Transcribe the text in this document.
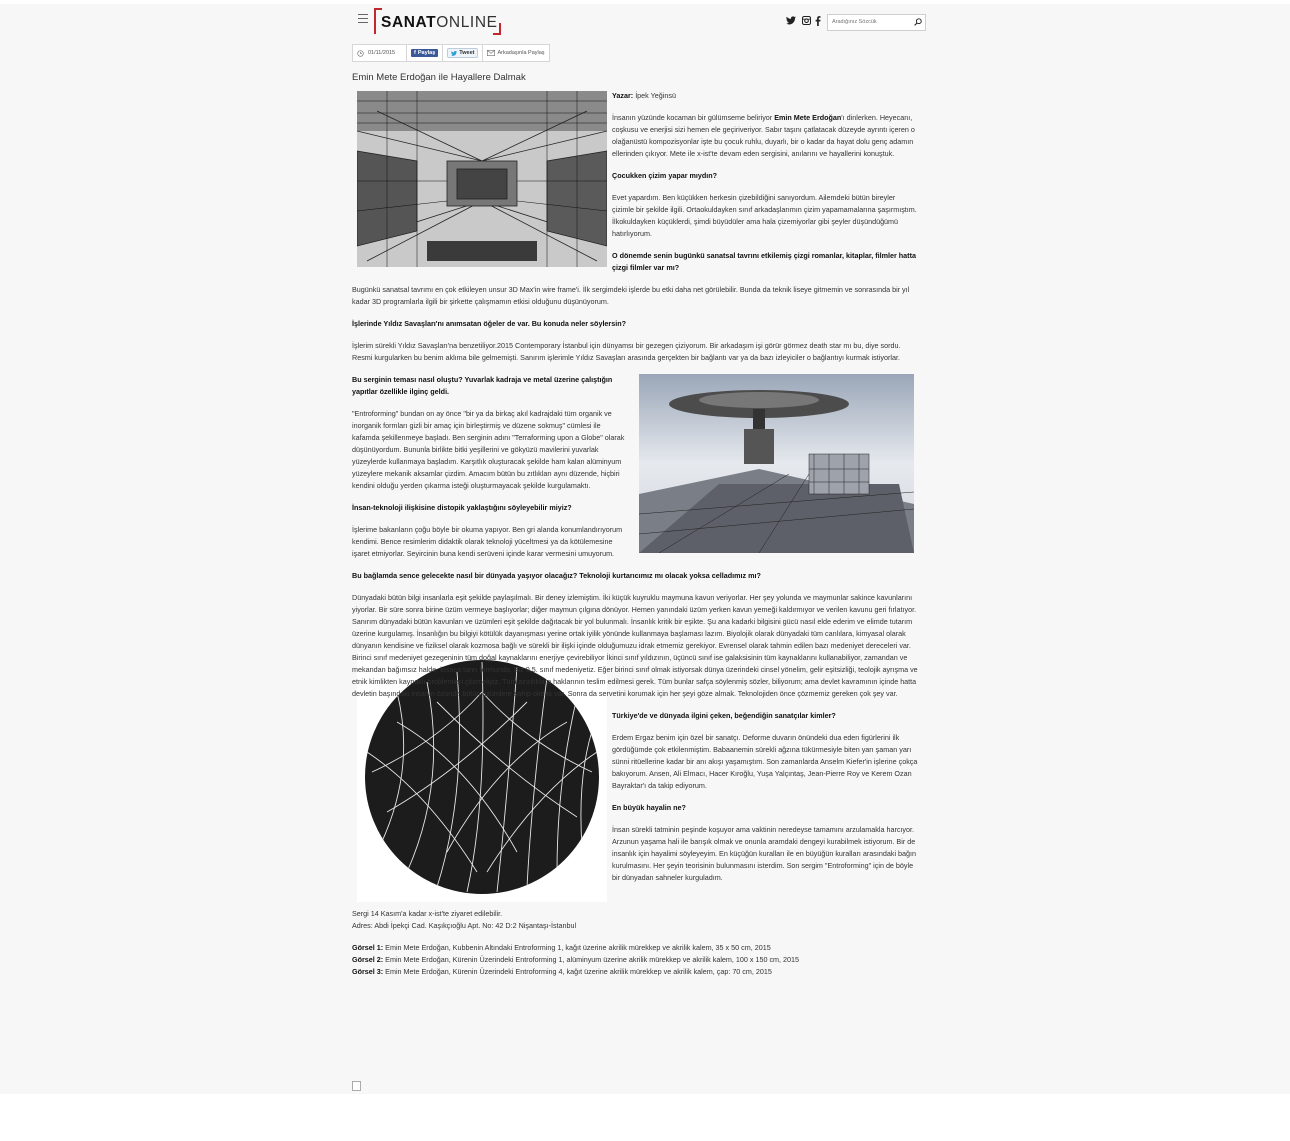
SANATONLINE
Aradığınız Sözcük
01/11/2015	f Paylaş	Tweet	Arkadaşınla Paylaş
Emin Mete Erdoğan ile Hayallere Dalmak

Yazar: İpek Yeğinsü

İnsanın yüzünde kocaman bir gülümseme beliriyor Emin Mete Erdoğan'ı dinlerken. Heyecanı, coşkusu ve enerjisi sizi hemen ele geçiriveriyor. Sabır taşını çatlatacak düzeyde ayrıntı içeren o olağanüstü kompozisyonlar işte bu çocuk ruhlu, duyarlı, bir o kadar da hayat dolu genç adamın ellerinden çıkıyor. Mete ile x-ist'te devam eden sergisini, anılarını ve hayallerini konuştuk.

Çocukken çizim yapar mıydın?

Evet yapardım. Ben küçükken herkesin çizebildiğini sanıyordum. Ailemdeki bütün bireyler çizimle bir şekilde ilgili. Ortaokuldayken sınıf arkadaşlarımın çizim yapamamalarına şaşırmıştım. İlkokuldayken küçüklerdi, şimdi büyüdüler ama hala çizemiyorlar gibi şeyler düşündüğümü hatırlıyorum.

O dönemde senin bugünkü sanatsal tavrını etkilemiş çizgi romanlar, kitaplar, filmler hatta çizgi filmler var mı?

Bugünkü sanatsal tavrımı en çok etkileyen unsur 3D Max'in wire frame'i. İlk sergimdeki işlerde bu etki daha net görülebilir. Bunda da teknik liseye gitmemin ve sonrasında bir yıl kadar 3D programlarla ilgili bir şirkette çalışmamın etkisi olduğunu düşünüyorum.

İşlerinde Yıldız Savaşları'nı anımsatan öğeler de var. Bu konuda neler söylersin?

İşlerim sürekli Yıldız Savaşları'na benzetiliyor.2015 Contemporary İstanbul için dünyamsı bir gezegen çiziyorum. Bir arkadaşım işi görür görmez death star mı bu, diye sordu. Resmi kurgularken bu benim aklıma bile gelmemişti. Sanırım işlerimle Yıldız Savaşları arasında gerçekten bir bağlantı var ya da bazı izleyiciler o bağlantıyı kurmak istiyorlar.

Bu serginin teması nasıl oluştu? Yuvarlak kadraja ve metal üzerine çalıştığın yapıtlar özellikle ilginç geldi.

"Entroforming" bundan on ay önce "bir ya da birkaç akıl kadrajdaki tüm organik ve inorganik formları gizli bir amaç için birleştirmiş ve düzene sokmuş" cümlesi ile kafamda şekillenmeye başladı. Ben serginin adını "Terraforming upon a Globe" olarak düşünüyordum. Bununla birlikte bitki yeşillerini ve gökyüzü mavilerini yuvarlak yüzeylerde kullanmaya başladım. Karşıtlık oluşturacak şekilde ham kalan alüminyum yüzeylere mekanik aksamlar çizdim. Amacım bütün bu zıtlıkları aynı düzende, hiçbiri kendini olduğu yerden çıkarma isteği oluşturmayacak şekilde kurgulamaktı.

İnsan-teknoloji ilişkisine distopik yaklaştığını söyleyebilir miyiz?

İşlerime bakanların çoğu böyle bir okuma yapıyor. Ben gri alanda konumlandırıyorum kendimi. Bence resimlerim didaktik olarak teknoloji yüceltmesi ya da kötülemesine işaret etmiyorlar. Seyircinin buna kendi serüveni içinde karar vermesini umuyorum.

Bu bağlamda sence gelecekte nasıl bir dünyada yaşıyor olacağız? Teknoloji kurtarıcımız mı olacak yoksa celladımız mı?

Dünyadaki bütün bilgi insanlarla eşit şekilde paylaşılmalı. Bir deney izlemiştim. İki küçük kuyruklu maymuna kavun veriyorlar. Her şey yolunda ve maymunlar sakince kavunlarını yiyorlar. Bir süre sonra birine üzüm vermeye başlıyorlar; diğer maymun çılgına dönüyor. Hemen yanındaki üzüm yerken kavun yemeği kaldırmıyor ve verilen kavunu geri fırlatıyor. Sanırım dünyadaki bütün kavunları ve üzümleri eşit şekilde dağıtacak bir yol bulunmalı. İnsanlık kritik bir eşikte. Şu ana kadarki bilgisini gücü nasıl elde ederim ve elimde tutarım üzerine kurgulamış. İnsanlığın bu bilgiyi kötülük dayanışması yerine ortak iyilik yönünde kullanmaya başlaması lazım. Biyolojik olarak dünyadaki tüm canlılara, kimyasal olarak dünyanın kendisine ve fiziksel olarak kozmosa bağlı ve sürekli bir ilişki içinde olduğumuzu idrak etmemiz gerekiyor. Evrensel olarak tahmin edilen bazı medeniyet dereceleri var. Birinci sınıf medeniyet gezegeninin tüm doğal kaynaklarını enerjiye çevirebiliyor İkinci sınıf yıldızının, üçüncü sınıf ise galaksisinin tüm kaynaklarını kullanabiliyor, zamandan ve mekandan bağımsız halde, kısaca tanrı formunda. Biz 0,5. sınıf medeniyetiz. Eğer birinci sınıf olmak istiyorsak dünya üzerindeki cinsel yönelim, gelir eşitsizliği, teolojik ayrışma ve etnik kimlikten kaynaklı problemleri çözmeliyiz. Tüm azınlıklara haklarının teslim edilmesi gerek. Tüm bunlar safça söylenmiş sözler, biliyorum; ama devlet kavramının içinde hatta devletin başındaki insanın özünde bütün üzümlere sahip olmak var. Sonra da servetini korumak için her şeyi göze almak. Teknolojiden önce çözmemiz gereken çok şey var.

Türkiye'de ve dünyada ilgini çeken, beğendiğin sanatçılar kimler?

Erdem Ergaz benim için özel bir sanatçı. Deforme duvarın önündeki dua eden figürlerini ilk gördüğümde çok etkilenmiştim. Babaanemin sürekli ağzına tükürmesiyle biten yarı şaman yarı sünni ritüellerine kadar bir anı akışı yaşamıştım. Son zamanlarda Anselm Kiefer'in işlerine çokça bakıyorum. Ansen, Ali Elmacı, Hacer Kıroğlu, Yuşa Yalçıntaş, Jean-Pierre Roy ve Kerem Ozan Bayraktar'ı da takip ediyorum.

En büyük hayalin ne?

İnsan sürekli tatminin peşinde koşuyor ama vaktinin neredeyse tamamını arzulamakla harcıyor. Arzunun yaşama hali ile barışık olmak ve onunla aramdaki dengeyi kurabilmek istiyorum. Bir de insanlık için hayalimi söyleyeyim. En küçüğün kuralları ile en büyüğün kuralları arasındaki bağın kurulmasını. Her şeyin teorisinin bulunmasını isterdim. Son sergim "Entroforming" için de böyle bir dünyadan sahneler kurguladım.

Sergi 14 Kasım'a kadar x-ist'te ziyaret edilebilir.
Adres: Abdi İpekçi Cad. Kaşıkçıoğlu Apt. No: 42 D:2 Nişantaşı-İstanbul

Görsel 1: Emin Mete Erdoğan, Kubbenin Altındaki Entroforming 1, kağıt üzerine akrilik mürekkep ve akrilik kalem, 35 x 50 cm, 2015
Görsel 2: Emin Mete Erdoğan, Kürenin Üzerindeki Entroforming 1, alüminyum üzerine akrilik mürekkep ve akrilik kalem, 100 x 150 cm, 2015
Görsel 3: Emin Mete Erdoğan, Kürenin Üzerindeki Entroforming 4, kağıt üzerine akrilik mürekkep ve akrilik kalem, çap: 70 cm, 2015
